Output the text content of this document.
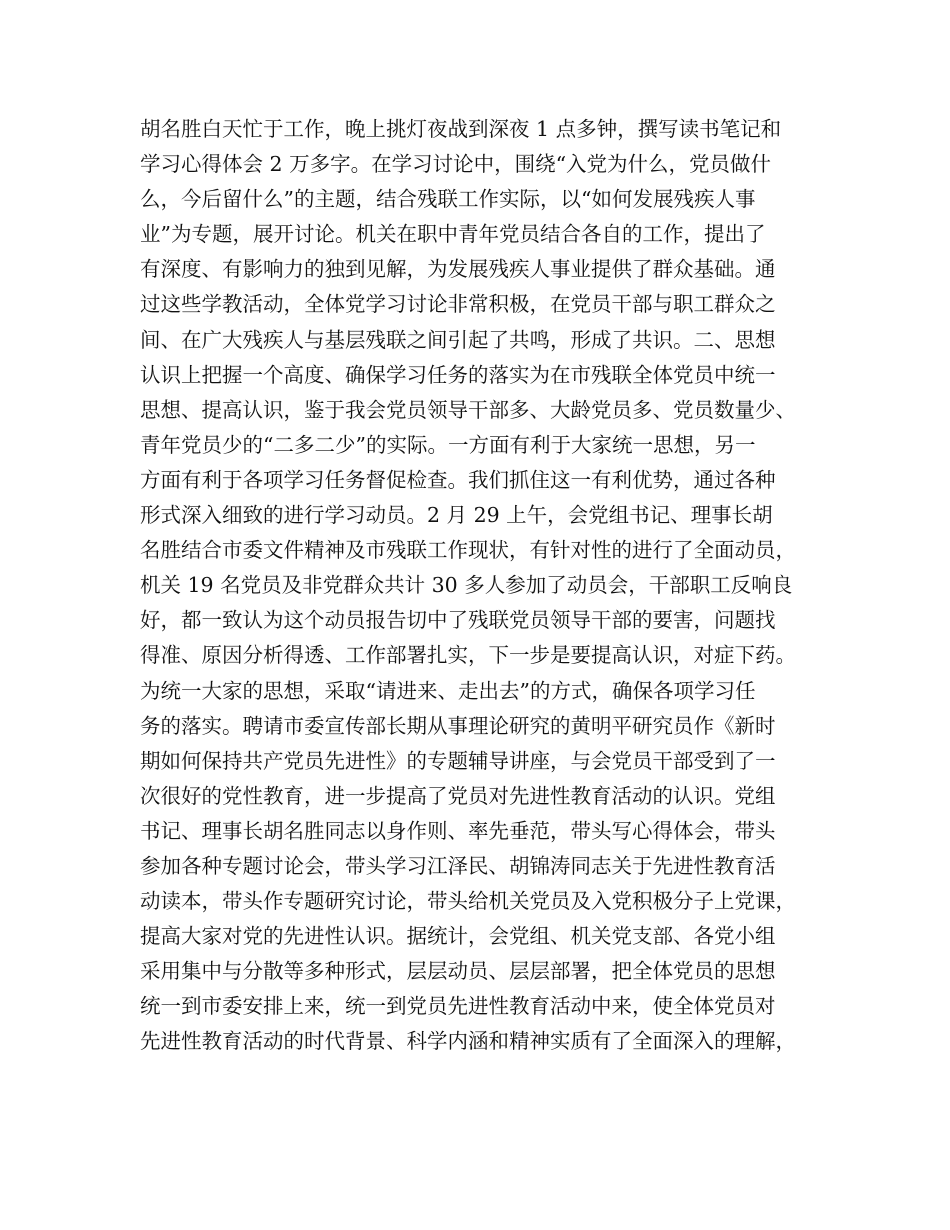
胡名胜白天忙于工作，晚上挑灯夜战到深夜 1 点多钟，撰写读书笔记和
学习心得体会 2 万多字。在学习讨论中，围绕“入党为什么，党员做什
么，今后留什么”的主题，结合残联工作实际，以“如何发展残疾人事
业”为专题，展开讨论。机关在职中青年党员结合各自的工作，提出了
有深度、有影响力的独到见解，为发展残疾人事业提供了群众基础。通
过这些学教活动，全体党学习讨论非常积极，在党员干部与职工群众之
间、在广大残疾人与基层残联之间引起了共鸣，形成了共识。二、思想
认识上把握一个高度、确保学习任务的落实为在市残联全体党员中统一
思想、提高认识，鉴于我会党员领导干部多、大龄党员多、党员数量少、
青年党员少的“二多二少”的实际。一方面有利于大家统一思想，另一
方面有利于各项学习任务督促检查。我们抓住这一有利优势，通过各种
形式深入细致的进行学习动员。2 月 29 上午，会党组书记、理事长胡
名胜结合市委文件精神及市残联工作现状，有针对性的进行了全面动员，
机关 19 名党员及非党群众共计 30 多人参加了动员会，干部职工反响良
好，都一致认为这个动员报告切中了残联党员领导干部的要害，问题找
得准、原因分析得透、工作部署扎实，下一步是要提高认识，对症下药。
为统一大家的思想，采取“请进来、走出去”的方式，确保各项学习任
务的落实。聘请市委宣传部长期从事理论研究的黄明平研究员作《新时
期如何保持共产党员先进性》的专题辅导讲座，与会党员干部受到了一
次很好的党性教育，进一步提高了党员对先进性教育活动的认识。党组
书记、理事长胡名胜同志以身作则、率先垂范，带头写心得体会，带头
参加各种专题讨论会，带头学习江泽民、胡锦涛同志关于先进性教育活
动读本，带头作专题研究讨论，带头给机关党员及入党积极分子上党课，
提高大家对党的先进性认识。据统计，会党组、机关党支部、各党小组
采用集中与分散等多种形式，层层动员、层层部署，把全体党员的思想
统一到市委安排上来，统一到党员先进性教育活动中来，使全体党员对
先进性教育活动的时代背景、科学内涵和精神实质有了全面深入的理解，
